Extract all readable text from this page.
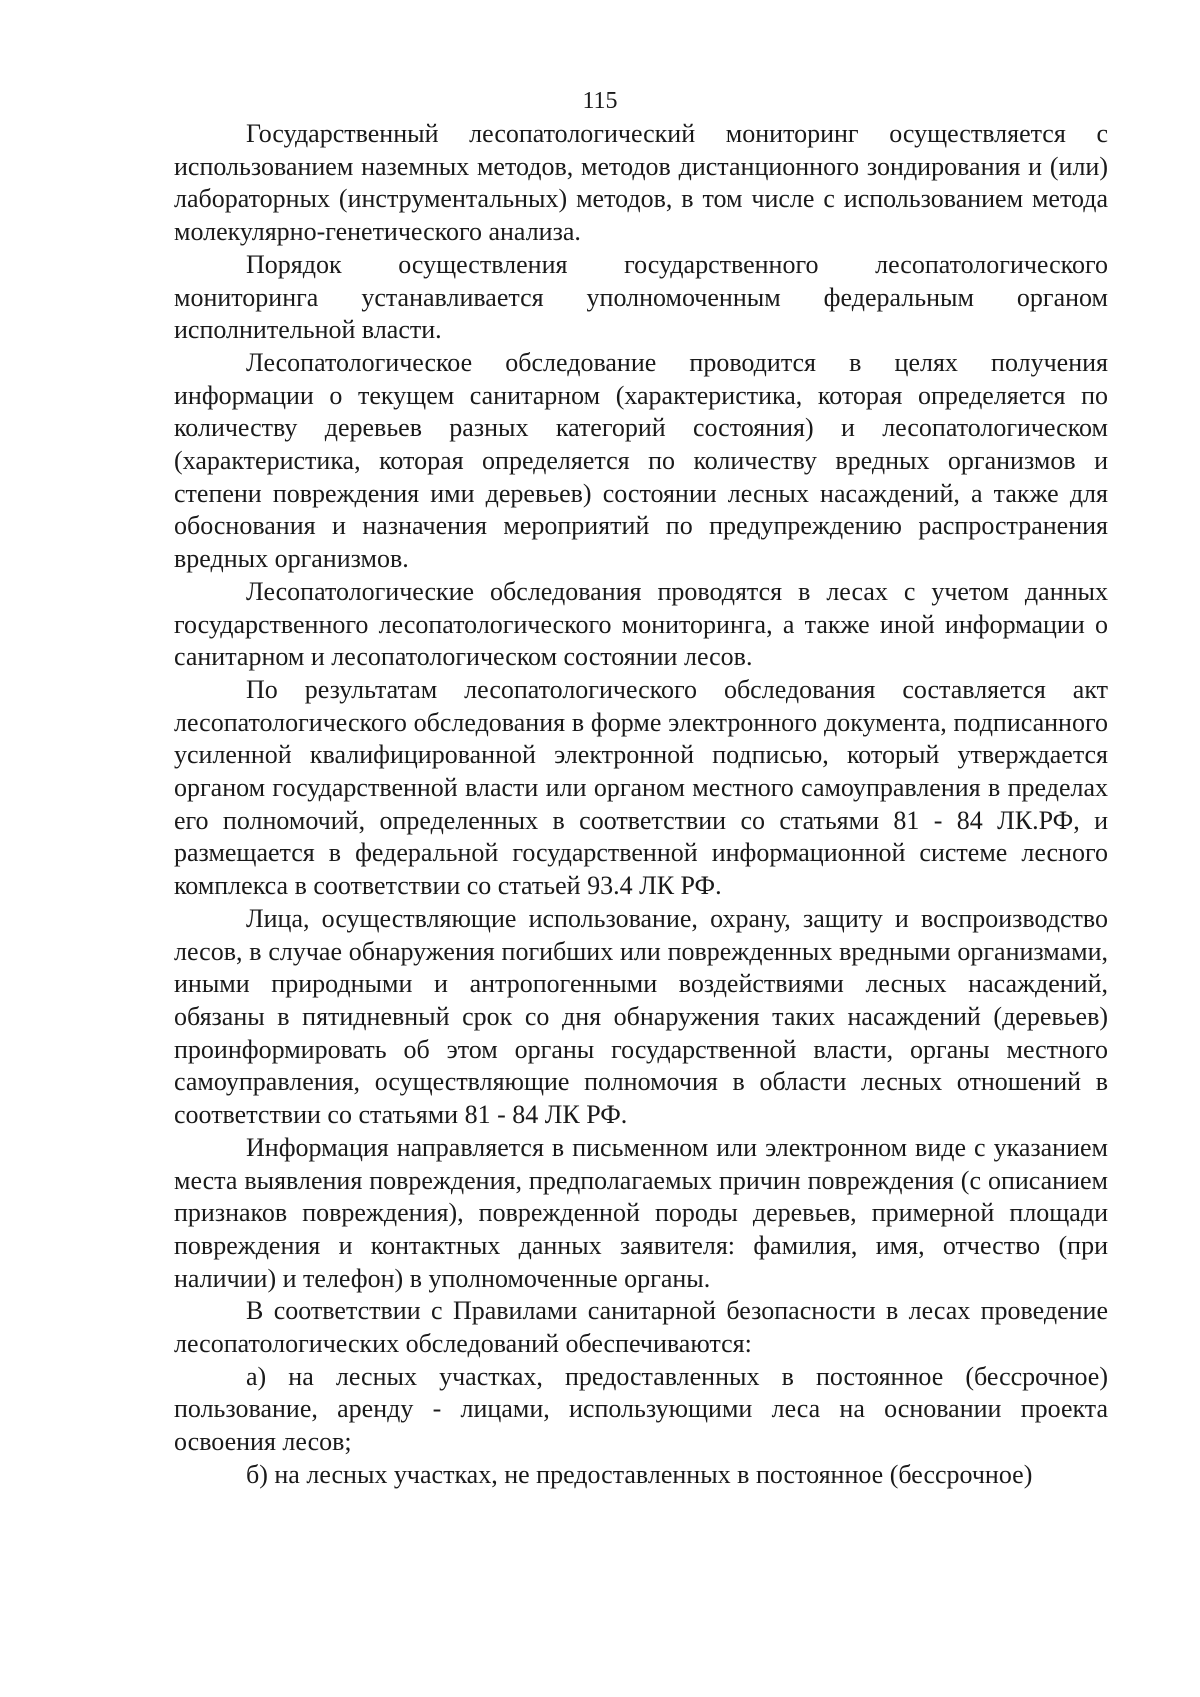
115

Государственный лесопатологический мониторинг осуществляется с использованием наземных методов, методов дистанционного зондирования и (или) лабораторных (инструментальных) методов, в том числе с использованием метода молекулярно-генетического анализа.

Порядок осуществления государственного лесопатологического мониторинга устанавливается уполномоченным федеральным органом исполнительной власти.

Лесопатологическое обследование проводится в целях получения информации о текущем санитарном (характеристика, которая определяется по количеству деревьев разных категорий состояния) и лесопатологическом (характеристика, которая определяется по количеству вредных организмов и степени повреждения ими деревьев) состоянии лесных насаждений, а также для обоснования и назначения мероприятий по предупреждению распространения вредных организмов.

Лесопатологические обследования проводятся в лесах с учетом данных государственного лесопатологического мониторинга, а также иной информации о санитарном и лесопатологическом состоянии лесов.

По результатам лесопатологического обследования составляется акт лесопатологического обследования в форме электронного документа, подписанного усиленной квалифицированной электронной подписью, который утверждается органом государственной власти или органом местного самоуправления в пределах его полномочий, определенных в соответствии со статьями 81 - 84 ЛК.РФ, и размещается в федеральной государственной информационной системе лесного комплекса в соответствии со статьей 93.4 ЛК РФ.

Лица, осуществляющие использование, охрану, защиту и воспроизводство лесов, в случае обнаружения погибших или поврежденных вредными организмами, иными природными и антропогенными воздействиями лесных насаждений, обязаны в пятидневный срок со дня обнаружения таких насаждений (деревьев) проинформировать об этом органы государственной власти, органы местного самоуправления, осуществляющие полномочия в области лесных отношений в соответствии со статьями 81 - 84 ЛК РФ.

Информация направляется в письменном или электронном виде с указанием места выявления повреждения, предполагаемых причин повреждения (с описанием признаков повреждения), поврежденной породы деревьев, примерной площади повреждения и контактных данных заявителя: фамилия, имя, отчество (при наличии) и телефон) в уполномоченные органы.

В соответствии с Правилами санитарной безопасности в лесах проведение лесопатологических обследований обеспечиваются:

а) на лесных участках, предоставленных в постоянное (бессрочное) пользование, аренду - лицами, использующими леса на основании проекта освоения лесов;

б) на лесных участках, не предоставленных в постоянное (бессрочное)
